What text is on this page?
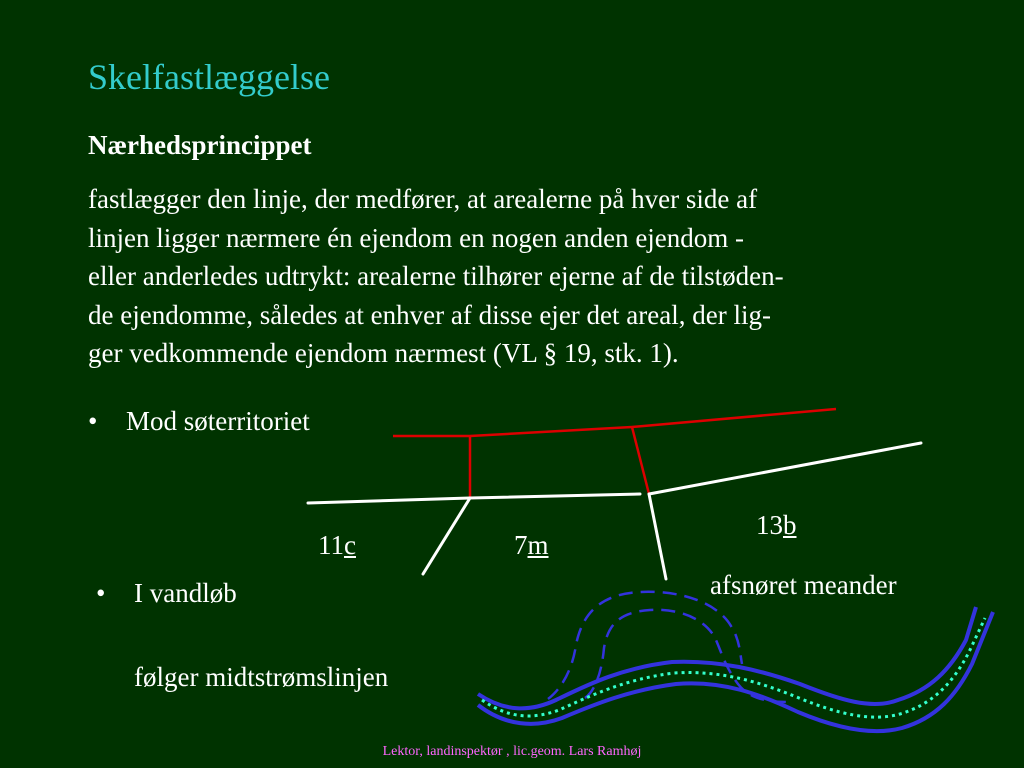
Skelfastlæggelse
Nærhedsprincippet
fastlægger den linje, der medfører, at arealerne på hver side af
linjen ligger nærmere én ejendom en nogen anden ejendom -
eller anderledes udtrykt: arealerne tilhører ejerne af de tilstøden-
de ejendomme, således at enhver af disse ejer det areal, der lig-
ger vedkommende ejendom nærmest (VL § 19, stk. 1).
• Mod søterritoriet
• I vandløb
følger midtstrømslinjen
11c	7m
13b
afsnøret meander
Lektor, landinspektør , lic.geom. Lars Ramhøj
